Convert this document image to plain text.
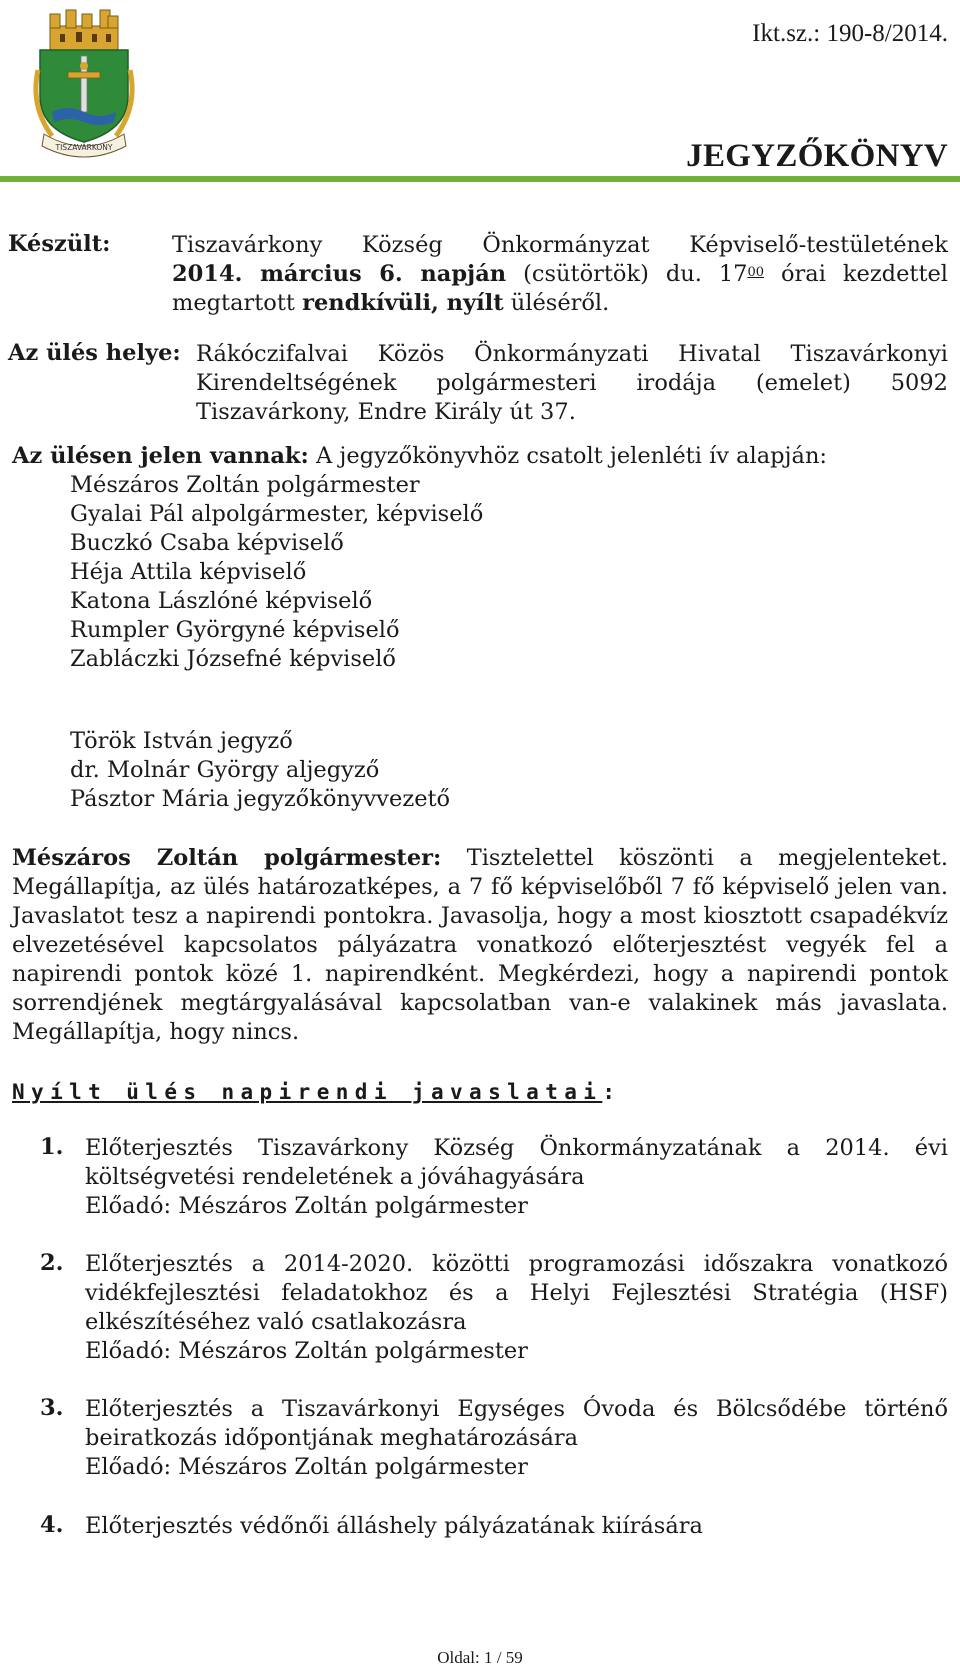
TISZAVÁRKONY
Ikt.sz.: 190-8/2014.
JEGYZŐKÖNYV
Készült:	Tiszavárkony Község Önkormányzat Képviselő-testületének
2014. március 6. napján (csütörtök) du. $17^{00}$ órai kezdettel
megtartott rendkívüli, nyílt üléséről.
Az ülés helye: Rákóczifalvai Közös Önkormányzati Hivatal Tiszavárkonyi Kirendeltségének polgármesteri irodája (emelet) 5092 Tiszavárkony, Endre Király út 37.
Az ülésen jelen vannak: A jegyzőkönyvhöz csatolt jelenléti ív alapján:
Mészáros Zoltán polgármester
Gyalai Pál alpolgármester, képviselő
Buczkó Csaba képviselő
Héja Attila képviselő
Katona Lászlóné képviselő
Rumpler Györgyné képviselő
Zabláczki Józsefné képviselő
Török István jegyző
dr. Molnár György aljegyző
Pásztor Mária jegyzőkönyvvezető
Mészáros Zoltán polgármester: Tisztelettel köszönti a megjelenteket. Megállapítja, az ülés határozatképes, a 7 fő képviselőből 7 fő képviselő jelen van. Javaslatot tesz a napirendi pontokra. Javasolja, hogy a most kiosztott csapadékvíz elvezetésével kapcsolatos pályázatra vonatkozó előterjesztést vegyék fel a napirendi pontok közé 1. napirendként. Megkérdezi, hogy a napirendi pontok sorrendjének megtárgyalásával kapcsolatban van-e valakinek más javaslata. Megállapítja, hogy nincs.
Nyílt ülés napirendi javaslatai:
1. Előterjesztés Tiszavárkony Község Önkormányzatának a 2014. évi költségvetési rendeletének a jóváhagyására
Előadó: Mészáros Zoltán polgármester
2. Előterjesztés a 2014-2020. közötti programozási időszakra vonatkozó vidékfejlesztési feladatokhoz és a Helyi Fejlesztési Stratégia (HSF) elkészítéséhez való csatlakozásra
Előadó: Mészáros Zoltán polgármester
3. Előterjesztés a Tiszavárkonyi Egységes Óvoda és Bölcsődébe történő beiratkozás időpontjának meghatározására
Előadó: Mészáros Zoltán polgármester
4. Előterjesztés védőnői álláshely pályázatának kiírására
Oldal: 1 / 59
